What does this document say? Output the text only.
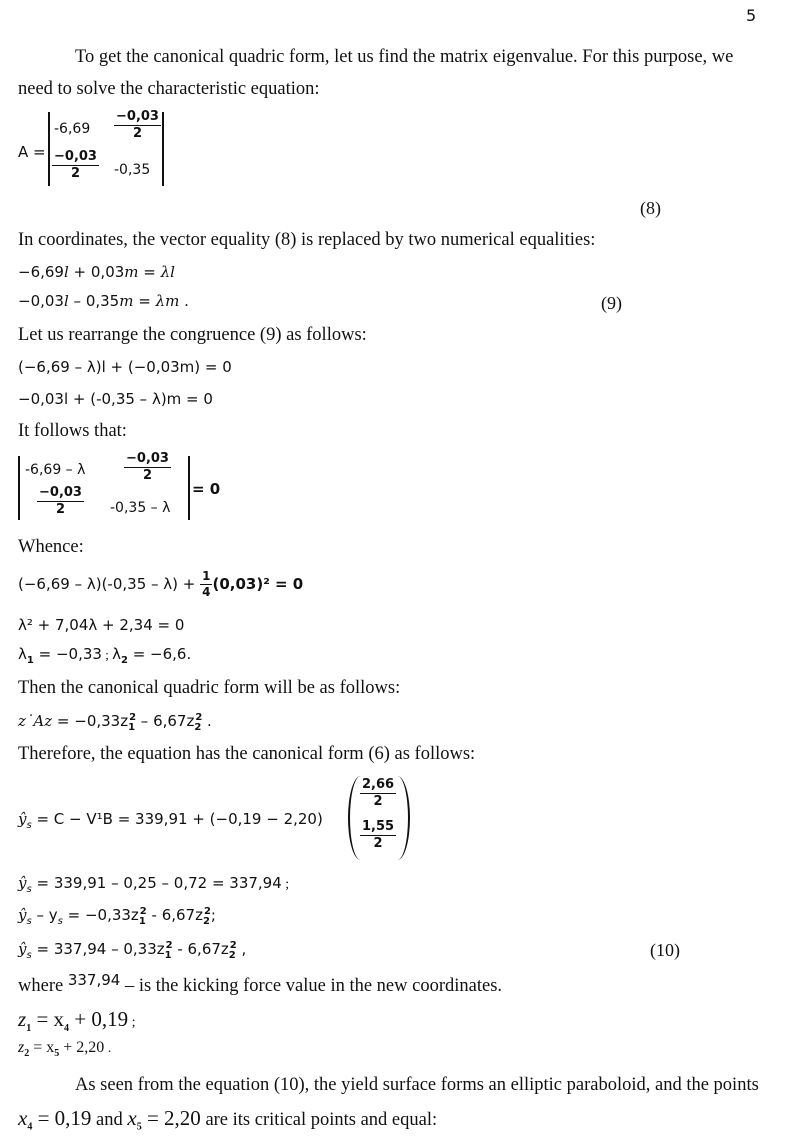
5
To get the canonical quadric form, let us find the matrix eigenvalue. For this purpose, we
need to solve the characteristic equation:
A =
$-6,69 \frac{-0,03}{2}$
$\frac{-0,03}{2} -0,35$
(8)
In coordinates, the vector equality (8) is replaced by two numerical equalities:
−6,69l + 0,03m = λl
−0,03l – 0,35m = λm .	(9)
Let us rearrange the congruence (9) as follows:
(−6,69 – λ)l + (−0,03m) = 0
−0,03l + (-0,35 – λ)m = 0
It follows that:
-6,69 – λ	$\frac{-0,03}{2}$
$\frac{-0,03}{2} -0,35$ – λ
= 0
Whence:
$(-6,69 - \lambda)(-0,35 - \lambda) + \frac{1}{4} (0,03)^2 = 0$
λ² + 7,04λ + 2,34 = 0
$\lambda_1 = -0,33$ ; $\lambda_2 = -6,6$.
Then the canonical quadric form will be as follows:
z˙Az = $-0,33z_1^2 - 6,67z_2^2$ .
Therefore, the equation has the canonical form (6) as follows:
$ŷ_s = C - V^1B = 339,91 + (-0,19 - 2,20)$
$\frac{2,66}{2}$
$\frac{1,55}{2}$
$ŷ_s = 339,91 - 0,25 - 0,72 = 337,94$ ;
$ŷ_s - y_s = -0,33z_1^2 - 6,67z_2^2$;
$ŷ_s = 337,94 - 0,33z_1^2 - 6,67z_2^2$ ,	(10)
where $^{337,94}$ – is the kicking force value in the new coordinates.
$z_1 = x_4 + 0,19$ ;
$z_2 = x_5 + 2,20$ .
As seen from the equation (10), the yield surface forms an elliptic paraboloid, and the points
$x_4 = 0,19$ and $x_5 = 2,20$ are its critical points and equal:
